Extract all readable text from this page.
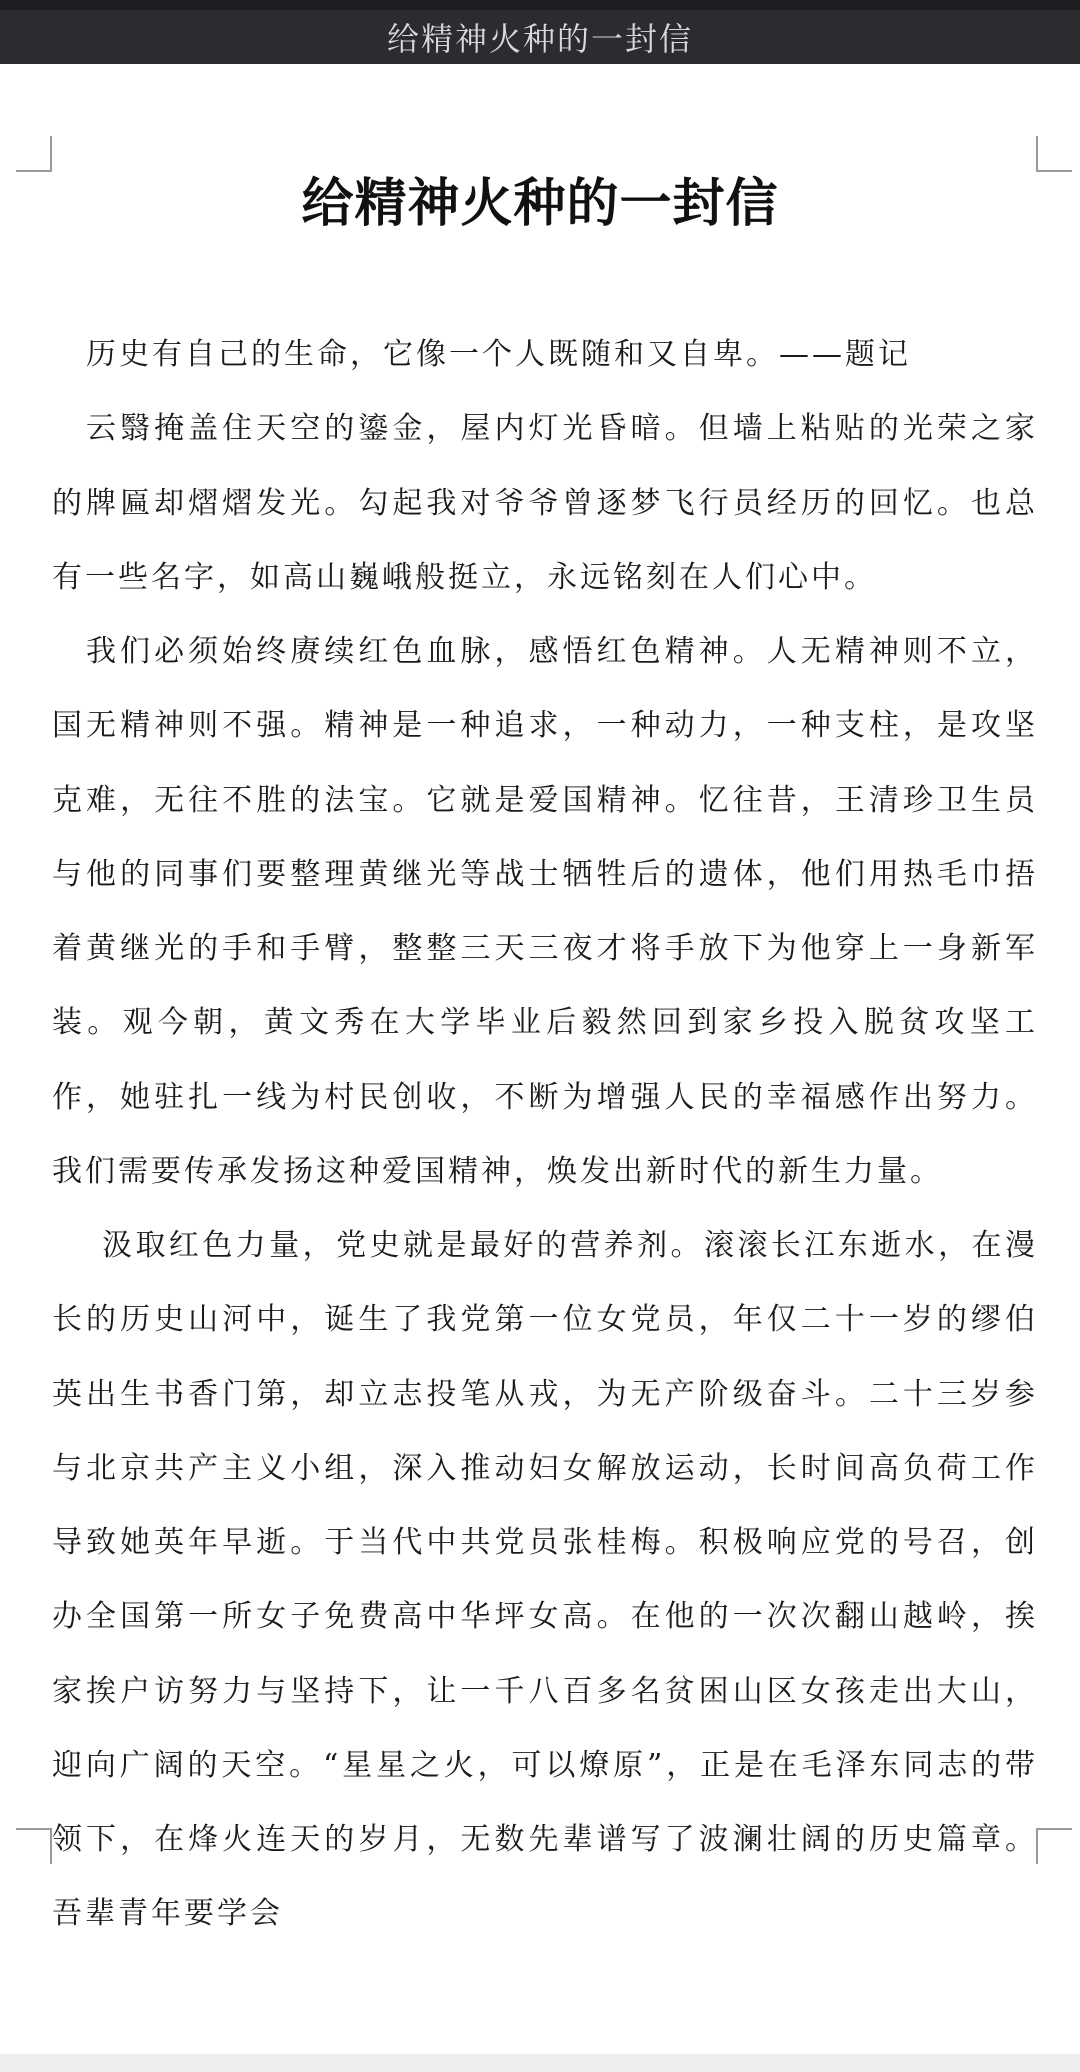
给精神火种的一封信
给精神火种的一封信

历史有自己的生命，它像一个人既随和又自卑。——题记

云翳掩盖住天空的鎏金，屋内灯光昏暗。但墙上粘贴的光荣之家的牌匾却熠熠发光。勾起我对爷爷曾逐梦飞行员经历的回忆。也总有一些名字，如高山巍峨般挺立，永远铭刻在人们心中。

我们必须始终赓续红色血脉，感悟红色精神。人无精神则不立，国无精神则不强。精神是一种追求，一种动力，一种支柱，是攻坚克难，无往不胜的法宝。它就是爱国精神。忆往昔，王清珍卫生员与他的同事们要整理黄继光等战士牺牲后的遗体，他们用热毛巾捂着黄继光的手和手臂，整整三天三夜才将手放下为他穿上一身新军装。观今朝，黄文秀在大学毕业后毅然回到家乡投入脱贫攻坚工作，她驻扎一线为村民创收，不断为增强人民的幸福感作出努力。我们需要传承发扬这种爱国精神，焕发出新时代的新生力量。

汲取红色力量，党史就是最好的营养剂。滚滚长江东逝水，在漫长的历史山河中，诞生了我党第一位女党员，年仅二十一岁的缪伯英出生书香门第，却立志投笔从戎，为无产阶级奋斗。二十三岁参与北京共产主义小组，深入推动妇女解放运动，长时间高负荷工作导致她英年早逝。于当代中共党员张桂梅。积极响应党的号召，创办全国第一所女子免费高中华坪女高。在他的一次次翻山越岭，挨家挨户访努力与坚持下，让一千八百多名贫困山区女孩走出大山，迎向广阔的天空。“星星之火，可以燎原”，正是在毛泽东同志的带领下，在烽火连天的岁月，无数先辈谱写了波澜壮阔的历史篇章。吾辈青年要学会
